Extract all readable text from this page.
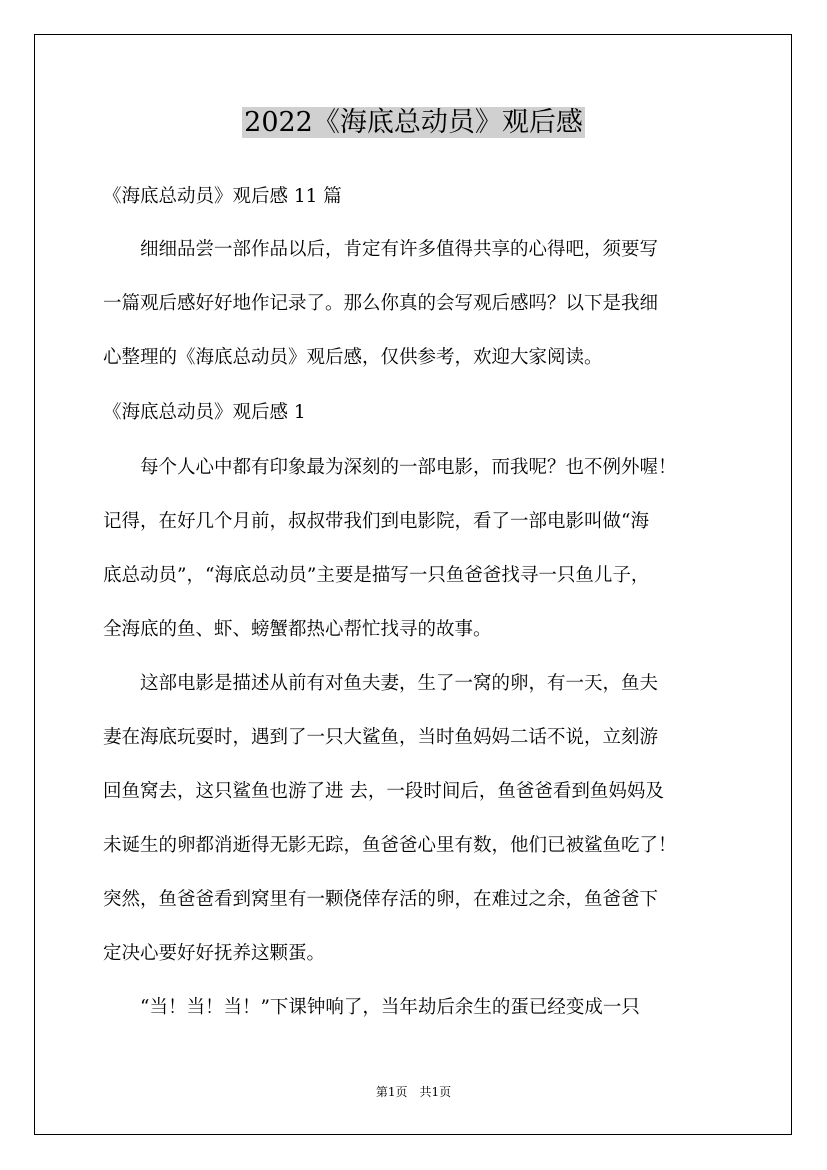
2022《海底总动员》观后感
《海底总动员》观后感 11 篇
　　细细品尝一部作品以后，肯定有许多值得共享的心得吧，须要写
一篇观后感好好地作记录了。那么你真的会写观后感吗？以下是我细
心整理的《海底总动员》观后感，仅供参考，欢迎大家阅读。
《海底总动员》观后感 1
　　每个人心中都有印象最为深刻的一部电影，而我呢？也不例外喔！
记得，在好几个月前，叔叔带我们到电影院，看了一部电影叫做“海
底总动员”，“海底总动员”主要是描写一只鱼爸爸找寻一只鱼儿子，
全海底的鱼、虾、螃蟹都热心帮忙找寻的故事。
　　这部电影是描述从前有对鱼夫妻，生了一窝的卵，有一天，鱼夫
妻在海底玩耍时，遇到了一只大鲨鱼，当时鱼妈妈二话不说，立刻游
回鱼窝去，这只鲨鱼也游了进 去，一段时间后，鱼爸爸看到鱼妈妈及
未诞生的卵都消逝得无影无踪，鱼爸爸心里有数，他们已被鲨鱼吃了！
突然，鱼爸爸看到窝里有一颗侥倖存活的卵，在难过之余，鱼爸爸下
定决心要好好抚养这颗蛋。
　　“当！当！当！”下课钟响了，当年劫后余生的蛋已经变成一只
第1页　共1页
